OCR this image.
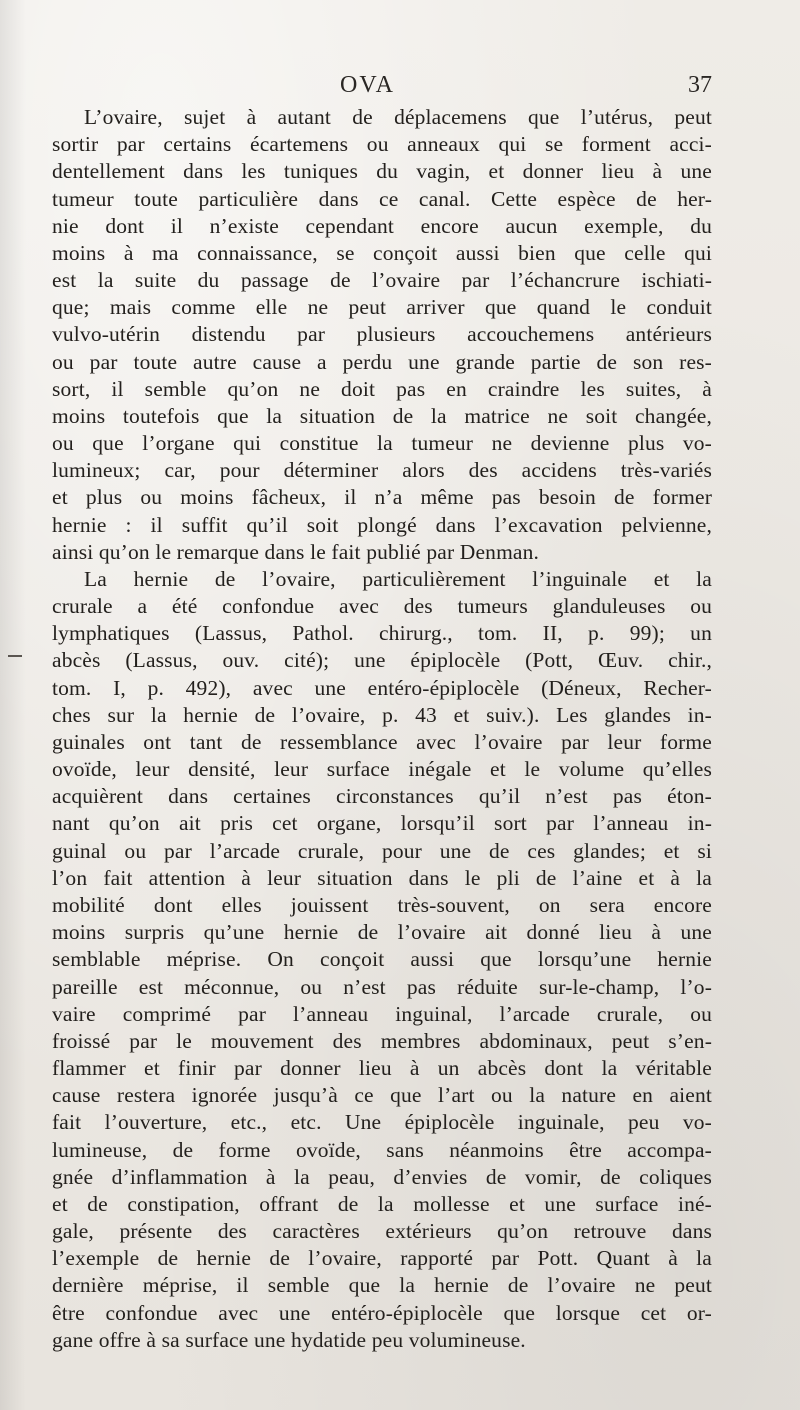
OVA	37
L’ovaire, sujet à autant de déplacemens que l’utérus, peut
sortir par certains écartemens ou anneaux qui se forment acci-
dentellement dans les tuniques du vagin, et donner lieu à une
tumeur toute particulière dans ce canal. Cette espèce de her-
nie dont il n’existe cependant encore aucun exemple, du
moins à ma connaissance, se conçoit aussi bien que celle qui
est la suite du passage de l’ovaire par l’échancrure ischiati-
que; mais comme elle ne peut arriver que quand le conduit
vulvo-utérin distendu par plusieurs accouchemens antérieurs
ou par toute autre cause a perdu une grande partie de son res-
sort, il semble qu’on ne doit pas en craindre les suites, à
moins toutefois que la situation de la matrice ne soit changée,
ou que l’organe qui constitue la tumeur ne devienne plus vo-
lumineux; car, pour déterminer alors des accidens très-variés
et plus ou moins fâcheux, il n’a même pas besoin de former
hernie : il suffit qu’il soit plongé dans l’excavation pelvienne,
ainsi qu’on le remarque dans le fait publié par Denman.
La hernie de l’ovaire, particulièrement l’inguinale et la
crurale a été confondue avec des tumeurs glanduleuses ou
lymphatiques (Lassus, Pathol. chirurg., tom. II, p. 99); un
abcès (Lassus, ouv. cité); une épiplocèle (Pott, Œuv. chir.,
tom. I, p. 492), avec une entéro-épiplocèle (Déneux, Recher-
ches sur la hernie de l’ovaire, p. 43 et suiv.). Les glandes in-
guinales ont tant de ressemblance avec l’ovaire par leur forme
ovoïde, leur densité, leur surface inégale et le volume qu’elles
acquièrent dans certaines circonstances qu’il n’est pas éton-
nant qu’on ait pris cet organe, lorsqu’il sort par l’anneau in-
guinal ou par l’arcade crurale, pour une de ces glandes; et si
l’on fait attention à leur situation dans le pli de l’aine et à la
mobilité dont elles jouissent très-souvent, on sera encore
moins surpris qu’une hernie de l’ovaire ait donné lieu à une
semblable méprise. On conçoit aussi que lorsqu’une hernie
pareille est méconnue, ou n’est pas réduite sur-le-champ, l’o-
vaire comprimé par l’anneau inguinal, l’arcade crurale, ou
froissé par le mouvement des membres abdominaux, peut s’en-
flammer et finir par donner lieu à un abcès dont la véritable
cause restera ignorée jusqu’à ce que l’art ou la nature en aient
fait l’ouverture, etc., etc. Une épiplocèle inguinale, peu vo-
lumineuse, de forme ovoïde, sans néanmoins être accompa-
gnée d’inflammation à la peau, d’envies de vomir, de coliques
et de constipation, offrant de la mollesse et une surface iné-
gale, présente des caractères extérieurs qu’on retrouve dans
l’exemple de hernie de l’ovaire, rapporté par Pott. Quant à la
dernière méprise, il semble que la hernie de l’ovaire ne peut
être confondue avec une entéro-épiplocèle que lorsque cet or-
gane offre à sa surface une hydatide peu volumineuse.
